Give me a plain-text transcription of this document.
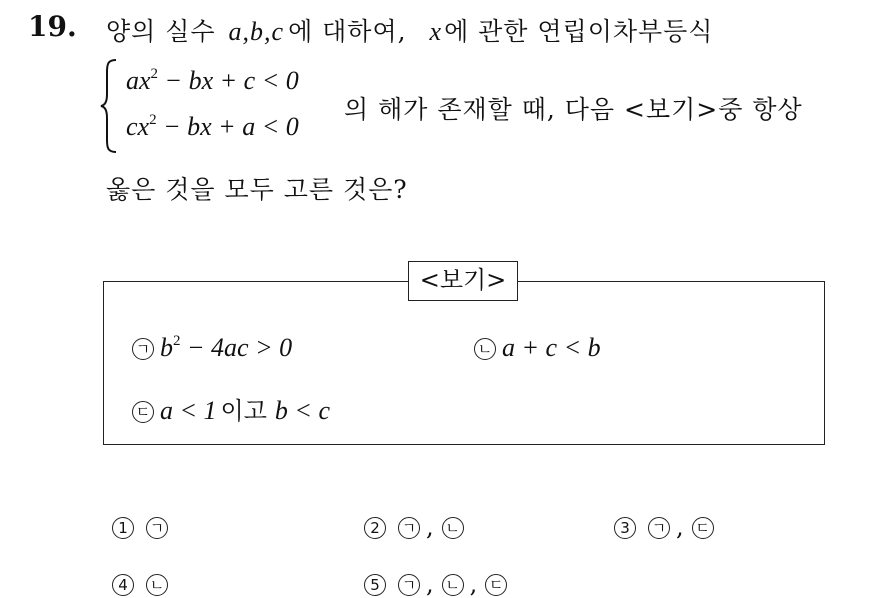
19. 양의 실수 a,b,c 에 대하여, x에 관한 연립이차부등식
$ax^2$ − bx + c < 0
$cx^2$ − bx + a < 0
의 해가 존재할 때, 다음 <보기>중 항상
옳은 것을 모두 고른 것은?
<보기>
ㄱ $b^2 - 4ac > 0$	ㄴ a + c < b
ㄷ a < 1 이고 b < c
1 ㄱ	2 ㄱ , ㄴ	3 ㄱ , ㄷ
4 ㄴ	5 ㄱ , ㄴ , ㄷ
